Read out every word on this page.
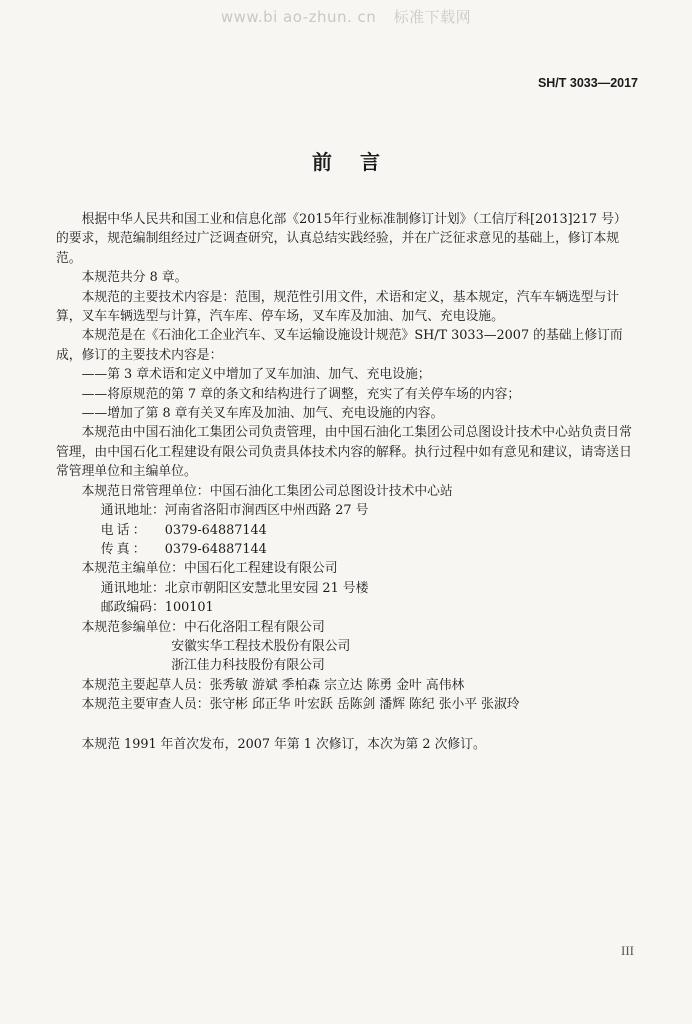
www.bi ao-zhun. cn 标准下载网
SH/T 3033—2017
前言

根据中华人民共和国工业和信息化部《2015年行业标准制修订计划》（工信厅科[2013]217 号）的要求，规范编制组经过广泛调查研究，认真总结实践经验，并在广泛征求意见的基础上，修订本规范。

本规范共分 8 章。

本规范的主要技术内容是：范围，规范性引用文件，术语和定义，基本规定，汽车车辆选型与计算，叉车车辆选型与计算，汽车库、停车场，叉车库及加油、加气、充电设施。

本规范是在《石油化工企业汽车、叉车运输设施设计规范》SH/T 3033—2007 的基础上修订而成，修订的主要技术内容是：

——第 3 章术语和定义中增加了叉车加油、加气、充电设施；

——将原规范的第 7 章的条文和结构进行了调整，充实了有关停车场的内容；

——增加了第 8 章有关叉车库及加油、加气、充电设施的内容。

本规范由中国石油化工集团公司负责管理，由中国石油化工集团公司总图设计技术中心站负责日常管理，由中国石化工程建设有限公司负责具体技术内容的解释。执行过程中如有意见和建议，请寄送日常管理单位和主编单位。

本规范日常管理单位： 中国石油化工集团公司总图设计技术中心站
通讯地址： 河南省洛阳市涧西区中州西路 27 号
电话： 0379-64887144
传真： 0379-64887144
本规范主编单位： 中国石化工程建设有限公司
通讯地址： 北京市朝阳区安慧北里安园 21 号楼
邮政编码： 100101
本规范参编单位： 中石化洛阳工程有限公司

安徽实华工程技术股份有限公司

浙江佳力科技股份有限公司

本规范主要起草人员： 张秀敏 游斌 季柏森 宗立达 陈勇 金叶 高伟林
本规范主要审查人员： 张守彬 邱正华 叶宏跃 岳陈剑 潘辉 陈纪 张小平 张淑玲

本规范 1991 年首次发布，2007 年第 1 次修订，本次为第 2 次修订。

III
